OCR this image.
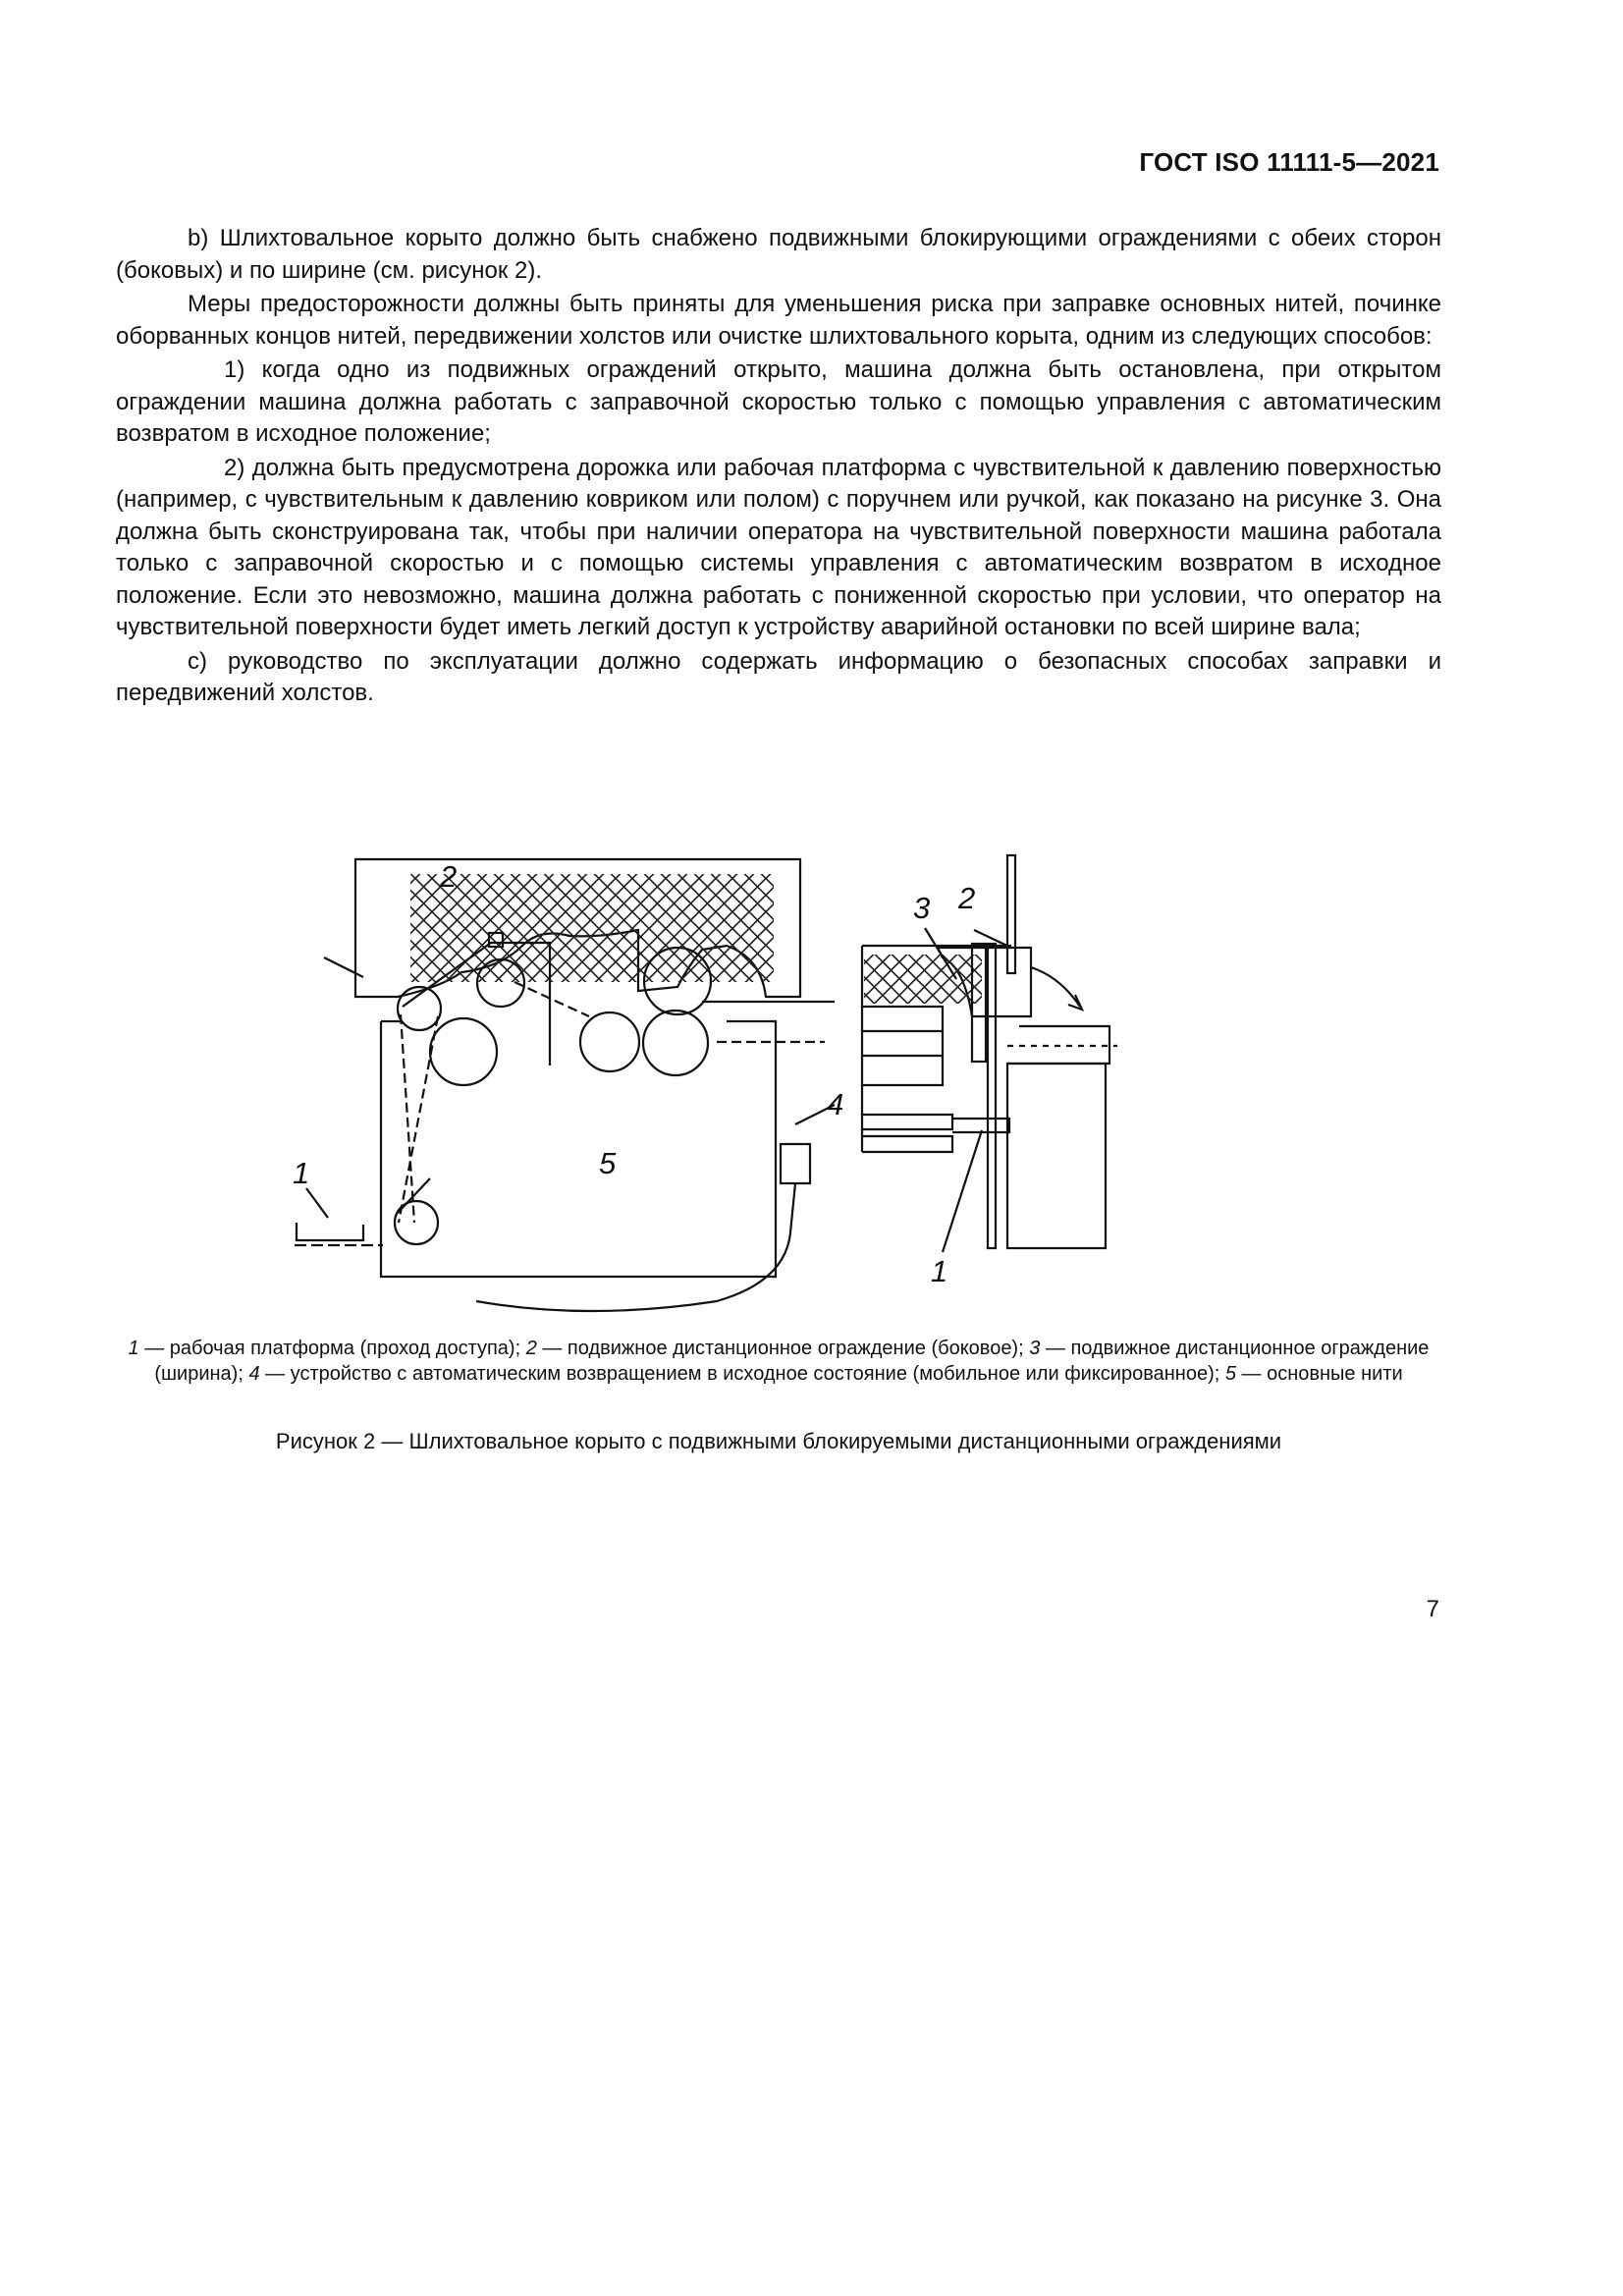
ГОСТ ISO 11111-5—2021

b) Шлихтовальное корыто должно быть снабжено подвижными блокирующими ограждениями с обеих сторон (боковых) и по ширине (см. рисунок 2).

Меры предосторожности должны быть приняты для уменьшения риска при заправке основных нитей, починке оборванных концов нитей, передвижении холстов или очистке шлихтовального корыта, одним из следующих способов:

1) когда одно из подвижных ограждений открыто, машина должна быть остановлена, при открытом ограждении машина должна работать с заправочной скоростью только с помощью управления с автоматическим возвратом в исходное положение;

2) должна быть предусмотрена дорожка или рабочая платформа с чувствительной к давлению поверхностью (например, с чувствительным к давлению ковриком или полом) с поручнем или ручкой, как показано на рисунке 3. Она должна быть сконструирована так, чтобы при наличии оператора на чувствительной поверхности машина работала только с заправочной скоростью и с помощью системы управления с автоматическим возвратом в исходное положение. Если это невозможно, машина должна работать с пониженной скоростью при условии, что оператор на чувствительной поверхности будет иметь легкий доступ к устройству аварийной остановки по всей ширине вала;

c) руководство по эксплуатации должно содержать информацию о безопасных способах заправки и передвижений холстов.

2
1	5
4
3 2
1
1 — рабочая платформа (проход доступа); 2 — подвижное дистанционное ограждение (боковое); 3 — подвижное дистанционное ограждение (ширина); 4 — устройство с автоматическим возвращением в исходное состояние (мобильное или фиксированное); 5 — основные нити
Рисунок 2 — Шлихтовальное корыто с подвижными блокируемыми дистанционными ограждениями
7
